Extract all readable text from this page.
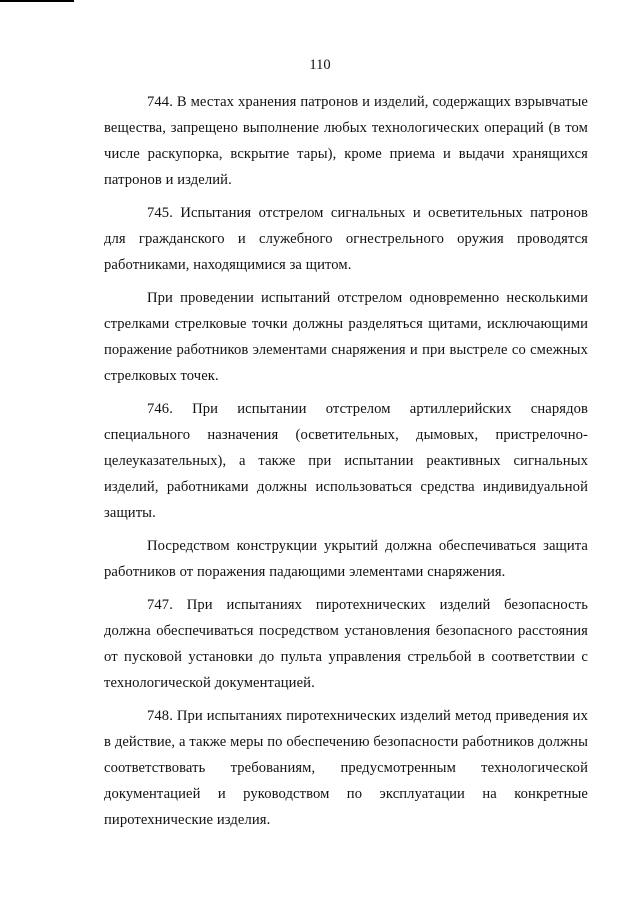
110

744. В местах хранения патронов и изделий, содержащих взрывчатые вещества, запрещено выполнение любых технологических операций (в том числе раскупорка, вскрытие тары), кроме приема и выдачи хранящихся патронов и изделий.

745. Испытания отстрелом сигнальных и осветительных патронов для гражданского и служебного огнестрельного оружия проводятся работниками, находящимися за щитом.

При проведении испытаний отстрелом одновременно несколькими стрелками стрелковые точки должны разделяться щитами, исключающими поражение работников элементами снаряжения и при выстреле со смежных стрелковых точек.

746. При испытании отстрелом артиллерийских снарядов специального назначения (осветительных, дымовых, пристрелочно-целеуказательных), а также при испытании реактивных сигнальных изделий, работниками должны использоваться средства индивидуальной защиты.

Посредством конструкции укрытий должна обеспечиваться защита работников от поражения падающими элементами снаряжения.

747. При испытаниях пиротехнических изделий безопасность должна обеспечиваться посредством установления безопасного расстояния от пусковой установки до пульта управления стрельбой в соответствии с технологической документацией.

748. При испытаниях пиротехнических изделий метод приведения их в действие, а также меры по обеспечению безопасности работников должны соответствовать требованиям, предусмотренным технологической документацией и руководством по эксплуатации на конкретные пиротехнические изделия.
